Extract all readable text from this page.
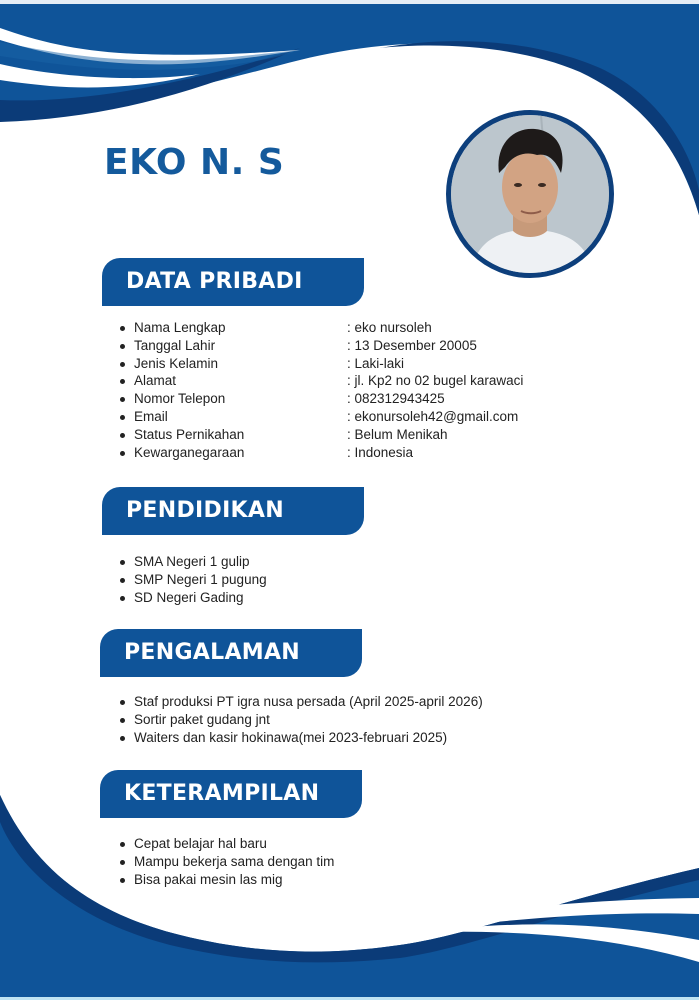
EKO N. S
DATA PRIBADI
Nama Lengkap
Tanggal Lahir
Jenis Kelamin
Alamat
Nomor Telepon
Email
Status Pernikahan
Kewarganegaraan
: eko nursoleh
: 13 Desember 20005
: Laki-laki
: jl. Kp2 no 02 bugel karawaci
: 082312943425
: ekonursoleh42@gmail.com
: Belum Menikah
: Indonesia
PENDIDIKAN
SMA Negeri 1 gulip
SMP Negeri 1 pugung
SD Negeri Gading
PENGALAMAN
Staf produksi PT igra nusa persada (April 2025-april 2026)
Sortir paket gudang jnt
Waiters dan kasir hokinawa(mei 2023-februari 2025)
KETERAMPILAN
Cepat belajar hal baru
Mampu bekerja sama dengan tim
Bisa pakai mesin las mig
